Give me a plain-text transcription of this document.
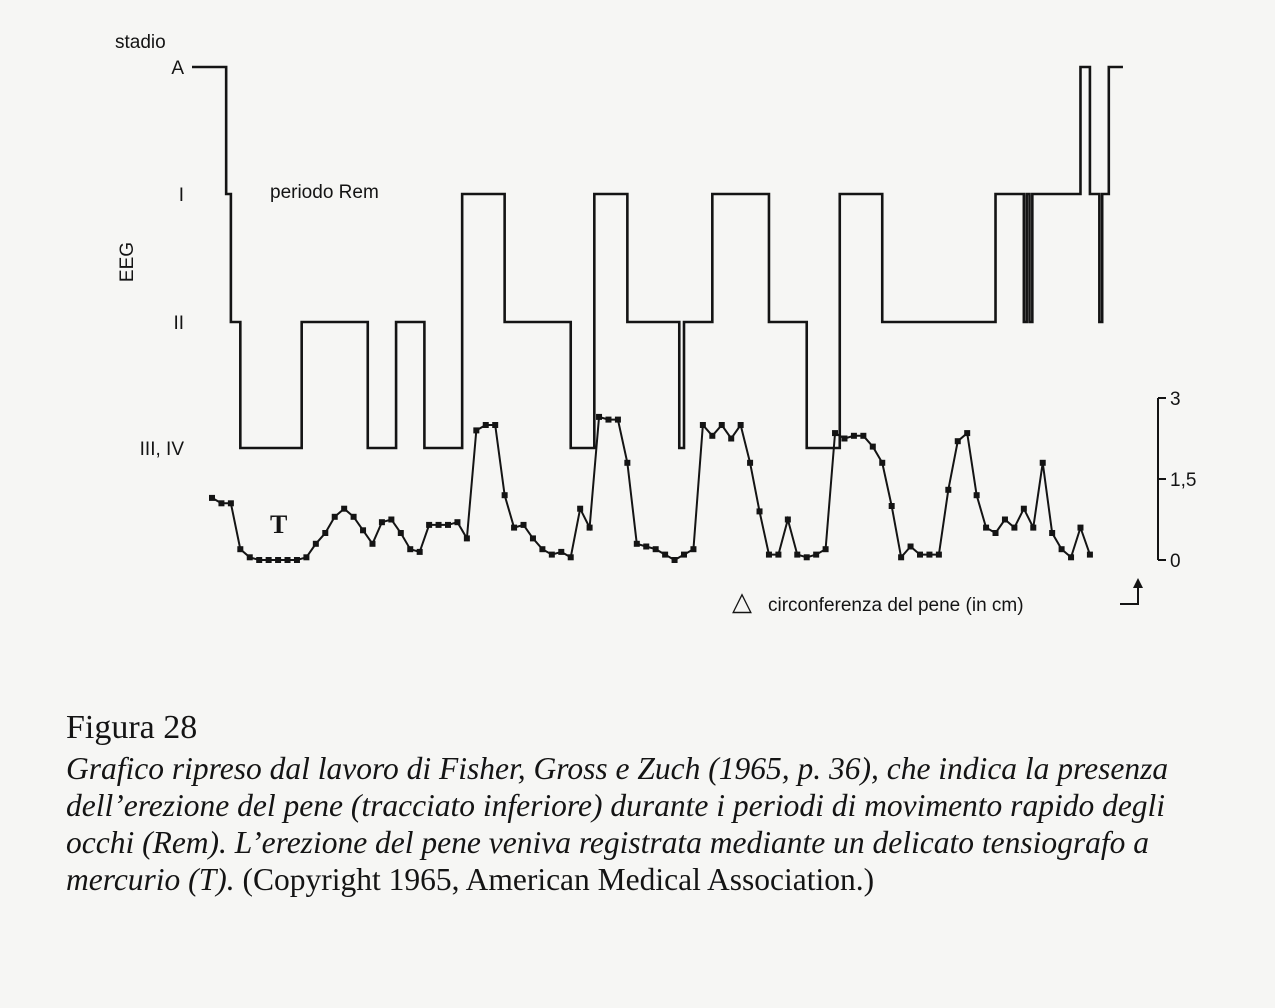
stadio
EEG
periodo Rem
A
I
II
III, IV
T
3
1,5
0
△ circonferenza del pene (in cm)
Figura 28
Grafico ripreso dal lavoro di Fisher, Gross e Zuch (1965, p. 36), che indica la presenza dell’erezione del pene (tracciato inferiore) durante i periodi di movimento rapido degli occhi (Rem). L’erezione del pene veniva registrata mediante un delicato tensiografo a mercurio (T). (Copyright 1965, American Medical Association.)
